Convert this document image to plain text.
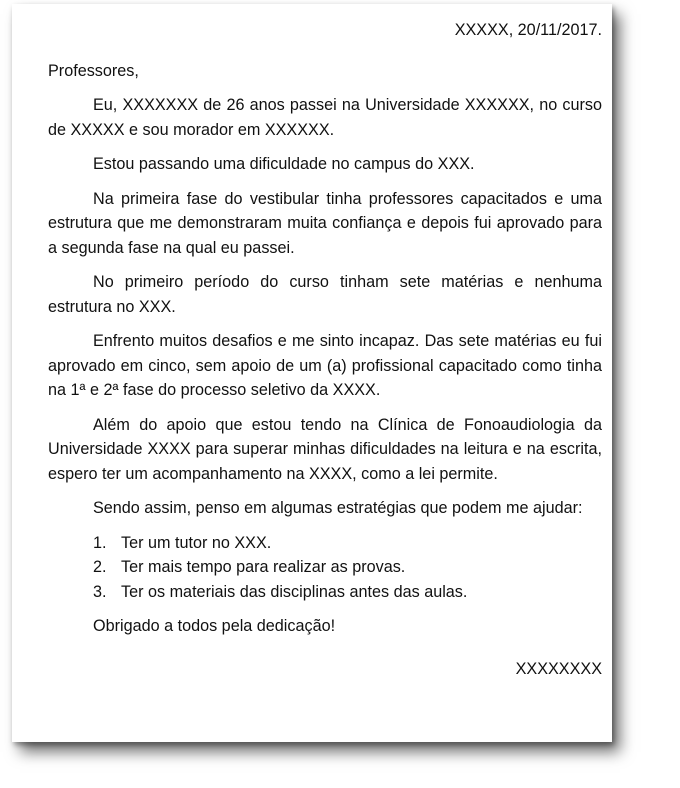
XXXXX, 20/11/2017.

Professores,

Eu, XXXXXXX de 26 anos passei na Universidade XXXXXX, no curso de XXXXX e sou morador em XXXXXX.

Estou passando uma dificuldade no campus do XXX.

Na primeira fase do vestibular tinha professores capacitados e uma estrutura que me demonstraram muita confiança e depois fui aprovado para a segunda fase na qual eu passei.

No primeiro período do curso tinham sete matérias e nenhuma estrutura no XXX.

Enfrento muitos desafios e me sinto incapaz. Das sete matérias eu fui aprovado em cinco, sem apoio de um (a) profissional capacitado como tinha na 1ª e 2ª fase do processo seletivo da XXXX.

Além do apoio que estou tendo na Clínica de Fonoaudiologia da Universidade XXXX para superar minhas dificuldades na leitura e na escrita, espero ter um acompanhamento na XXXX, como a lei permite.

Sendo assim, penso em algumas estratégias que podem me ajudar:

1. Ter um tutor no XXX.
2. Ter mais tempo para realizar as provas.
3. Ter os materiais das disciplinas antes das aulas.

Obrigado a todos pela dedicação!

XXXXXXXX
